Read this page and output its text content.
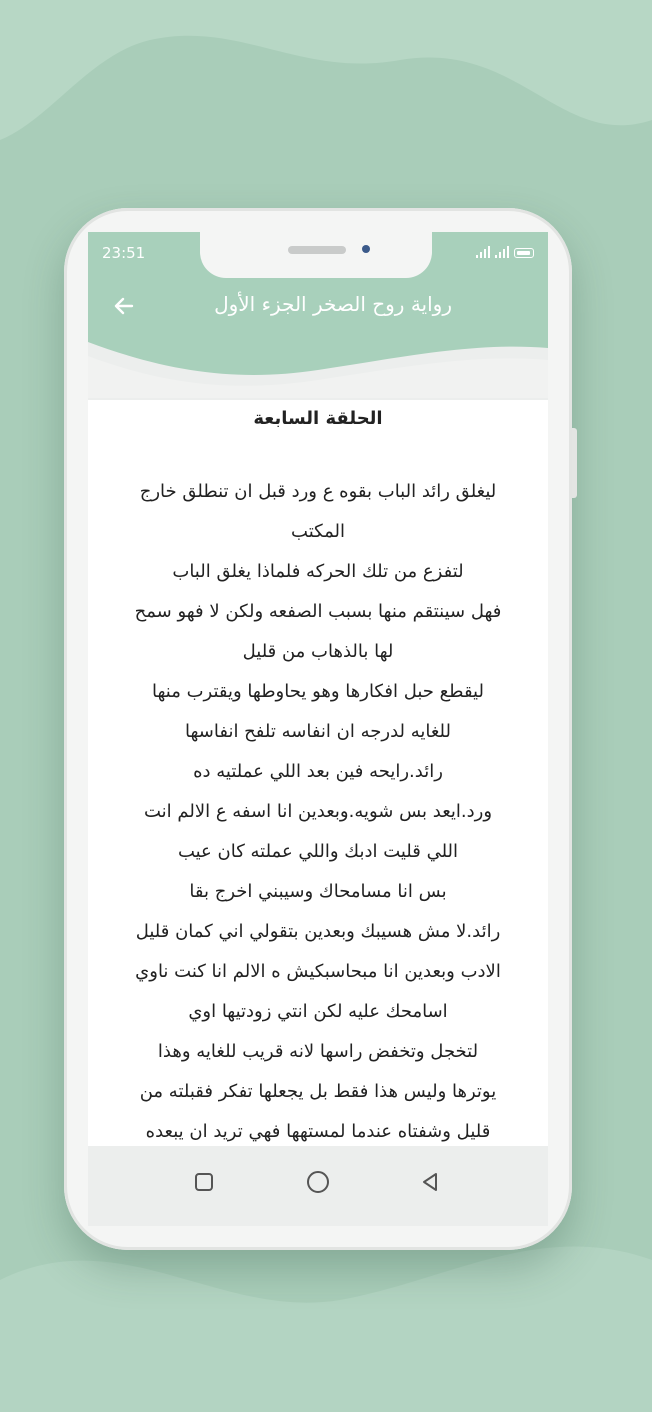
23:51
رواية روح الصخر الجزء الأول
الحلقة السابعة
ليغلق رائد الباب بقوه ع ورد قبل ان تنطلق خارج
المكتب
لتفزع من تلك الحركه فلماذا يغلق الباب
فهل سينتقم منها بسبب الصفعه ولكن لا فهو سمح
لها بالذهاب من قليل
ليقطع حبل افكارها وهو يحاوطها ويقترب منها
للغايه لدرجه ان انفاسه تلفح انفاسها
رائد.رايحه فين بعد اللي عملتيه ده
ورد.ايعد بس شويه.وبعدين انا اسفه ع الالم انت
اللي قليت ادبك واللي عملته كان عيب
بس انا مسامحاك وسيبني اخرج بقا
رائد.لا مش هسيبك وبعدين بتقولي اني كمان قليل
الادب وبعدين انا مبحاسبكيش ه الالم انا كنت ناوي
اسامحك عليه لكن انتي زودتيها اوي
لتخجل وتخفض راسها لانه قريب للغايه وهذا
يوترها وليس هذا فقط بل يجعلها تفكر فقبلته من
قليل وشفتاه عندما لمستهها فهي تريد ان يبعده
